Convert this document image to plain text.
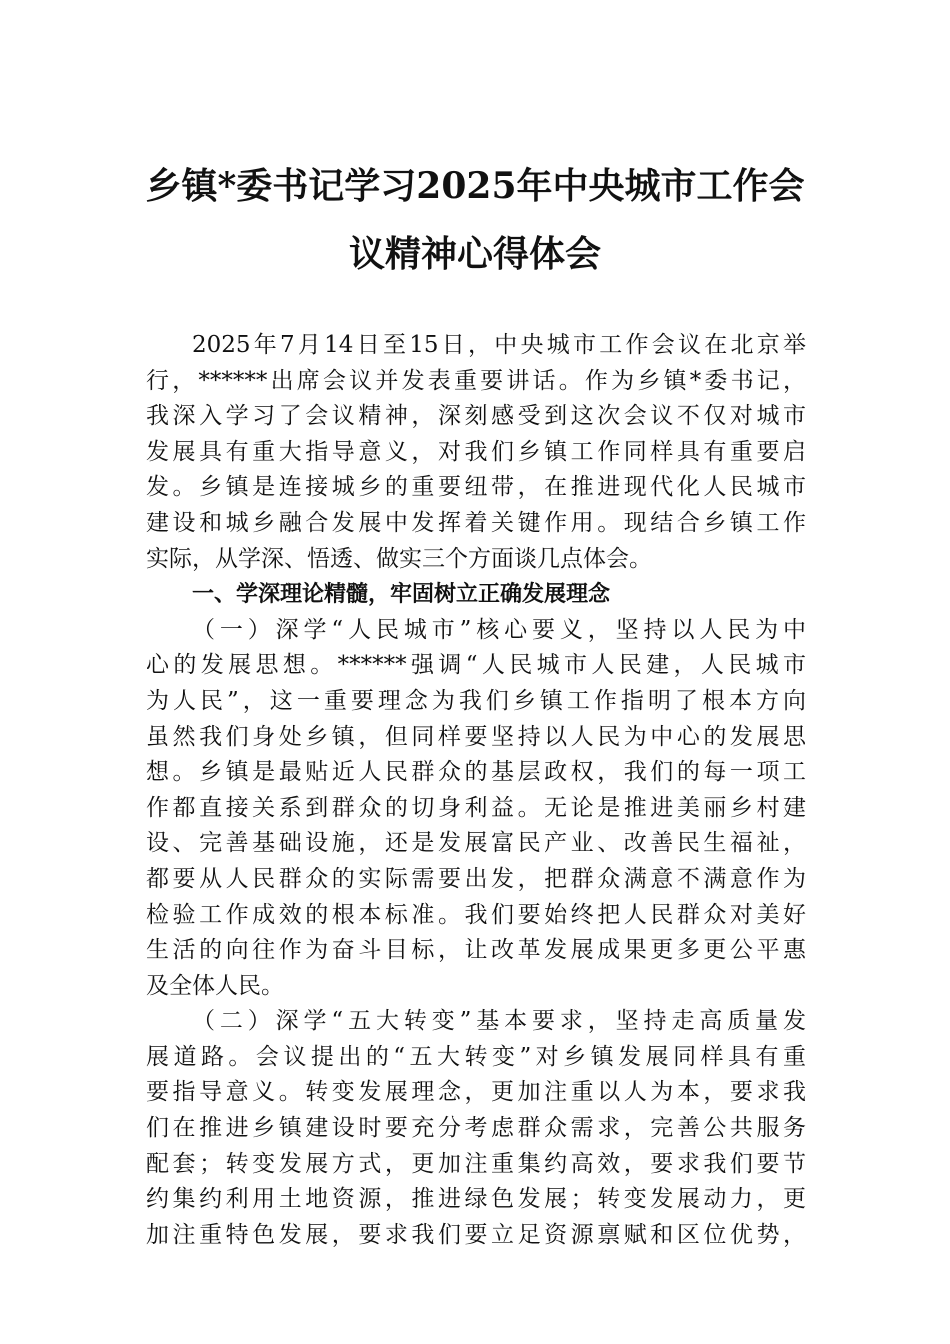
乡镇*委书记学习2025年中央城市工作会
议精神心得体会
2025年7月14日至15日，中央城市工作会议在北京举
行，******出席会议并发表重要讲话。作为乡镇*委书记，
我深入学习了会议精神，深刻感受到这次会议不仅对城市
发展具有重大指导意义，对我们乡镇工作同样具有重要启
发。乡镇是连接城乡的重要纽带，在推进现代化人民城市
建设和城乡融合发展中发挥着关键作用。现结合乡镇工作
实际，从学深、悟透、做实三个方面谈几点体会。
一、学深理论精髓，牢固树立正确发展理念
（一）深学“人民城市”核心要义，坚持以人民为中
心的发展思想。******强调“人民城市人民建，人民城市
为人民”，这一重要理念为我们乡镇工作指明了根本方向
虽然我们身处乡镇，但同样要坚持以人民为中心的发展思
想。乡镇是最贴近人民群众的基层政权，我们的每一项工
作都直接关系到群众的切身利益。无论是推进美丽乡村建
设、完善基础设施，还是发展富民产业、改善民生福祉，
都要从人民群众的实际需要出发，把群众满意不满意作为
检验工作成效的根本标准。我们要始终把人民群众对美好
生活的向往作为奋斗目标，让改革发展成果更多更公平惠
及全体人民。
（二）深学“五大转变”基本要求，坚持走高质量发
展道路。会议提出的“五大转变”对乡镇发展同样具有重
要指导意义。转变发展理念，更加注重以人为本，要求我
们在推进乡镇建设时要充分考虑群众需求，完善公共服务
配套；转变发展方式，更加注重集约高效，要求我们要节
约集约利用土地资源，推进绿色发展；转变发展动力，更
加注重特色发展，要求我们要立足资源禀赋和区位优势，
